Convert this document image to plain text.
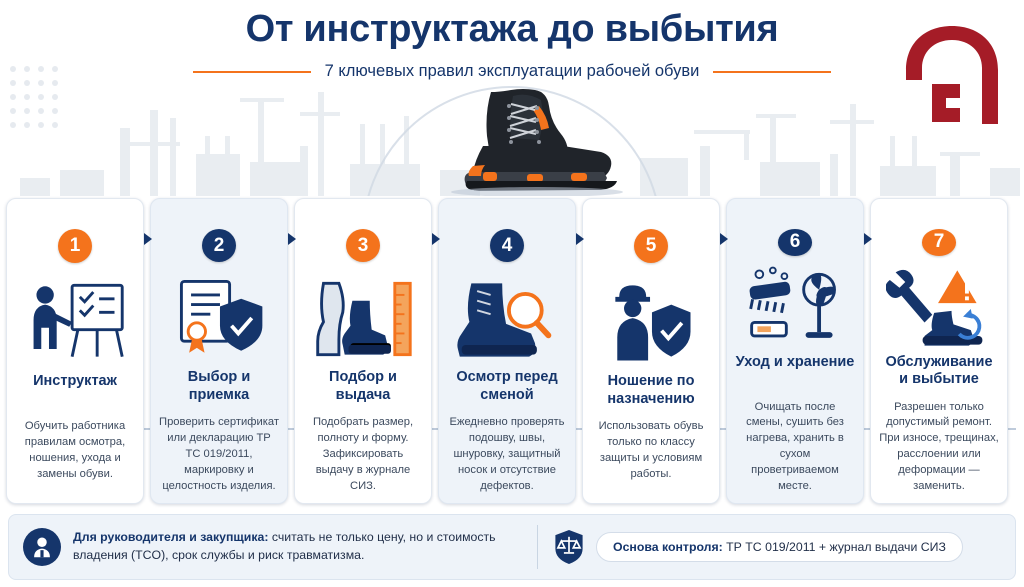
От инструктажа до выбытия
7 ключевых правил эксплуатации рабочей обуви
1
Инструктаж
Обучить работника правилам осмотра, ношения, ухода и замены обуви.
2
Выбор и приемка
Проверить сертификат или декларацию ТР ТС 019/2011, маркировку и целостность изделия.
3
Подбор и выдача
Подобрать размер, полноту и форму. Зафиксировать выдачу в журнале СИЗ.
4
Осмотр перед сменой
Ежедневно проверять подошву, швы, шнуровку, защитный носок и отсутствие дефектов.
5
Ношение по назначению
Использовать обувь только по классу защиты и условиям работы.
6
Уход и хранение
Очищать после смены, сушить без нагрева, хранить в сухом проветриваемом месте.
7
Обслуживание и выбытие
Разрешен только допустимый ремонт. При износе, трещинах, расслоении или деформации — заменить.
Для руководителя и закупщика: считать не только цену, но и стоимость владения (TCO), срок службы и риск травматизма.
Основа контроля: ТР ТС 019/2011 + журнал выдачи СИЗ
